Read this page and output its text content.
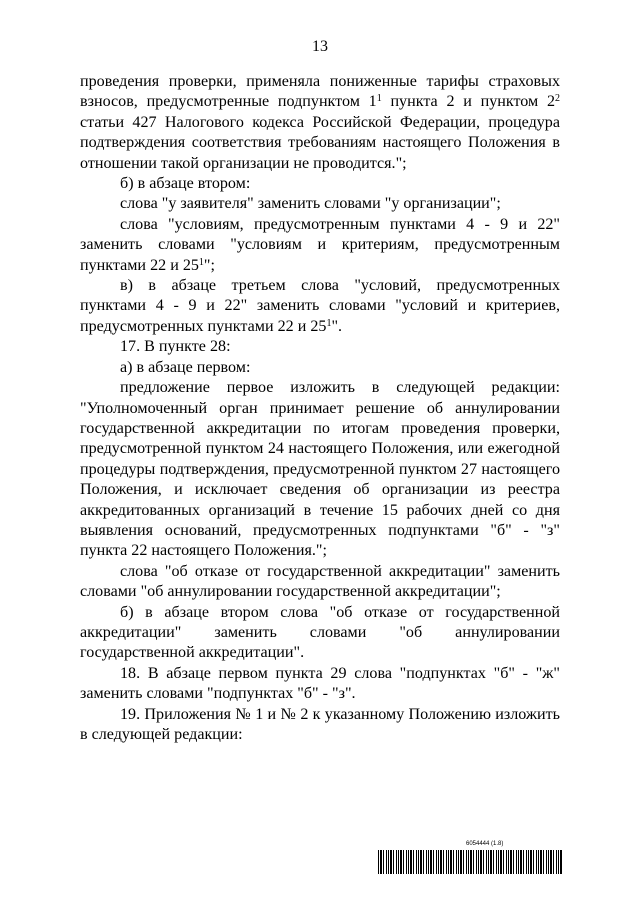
13

проведения проверки, применяла пониженные тарифы страховых взносов, предусмотренные подпунктом $1^1$ пункта 2 и пунктом $2^2$ статьи 427 Налогового кодекса Российской Федерации, процедура подтверждения соответствия требованиям настоящего Положения в отношении такой организации не проводится.";

б) в абзаце втором:

слова "у заявителя" заменить словами "у организации";

слова "условиям, предусмотренным пунктами 4 - 9 и 22" заменить словами "условиям и критериям, предусмотренным пунктами 22 и $25^1$";

в) в абзаце третьем слова "условий, предусмотренных пунктами 4 - 9 и 22" заменить словами "условий и критериев, предусмотренных пунктами 22 и $25^1$".

17. В пункте 28:

а) в абзаце первом:

предложение первое изложить в следующей редакции: "Уполномоченный орган принимает решение об аннулировании государственной аккредитации по итогам проведения проверки, предусмотренной пунктом 24 настоящего Положения, или ежегодной процедуры подтверждения, предусмотренной пунктом 27 настоящего Положения, и исключает сведения об организации из реестра аккредитованных организаций в течение 15 рабочих дней со дня выявления оснований, предусмотренных подпунктами "б" - "з" пункта 22 настоящего Положения.";

слова "об отказе от государственной аккредитации" заменить словами "об аннулировании государственной аккредитации";

б) в абзаце втором слова "об отказе от государственной аккредитации" заменить словами "об аннулировании государственной аккредитации".

18. В абзаце первом пункта 29 слова "подпунктах "б" - "ж" заменить словами "подпунктах "б" - "з".

19. Приложения № 1 и № 2 к указанному Положению изложить в следующей редакции:

6054444 (1.8)
